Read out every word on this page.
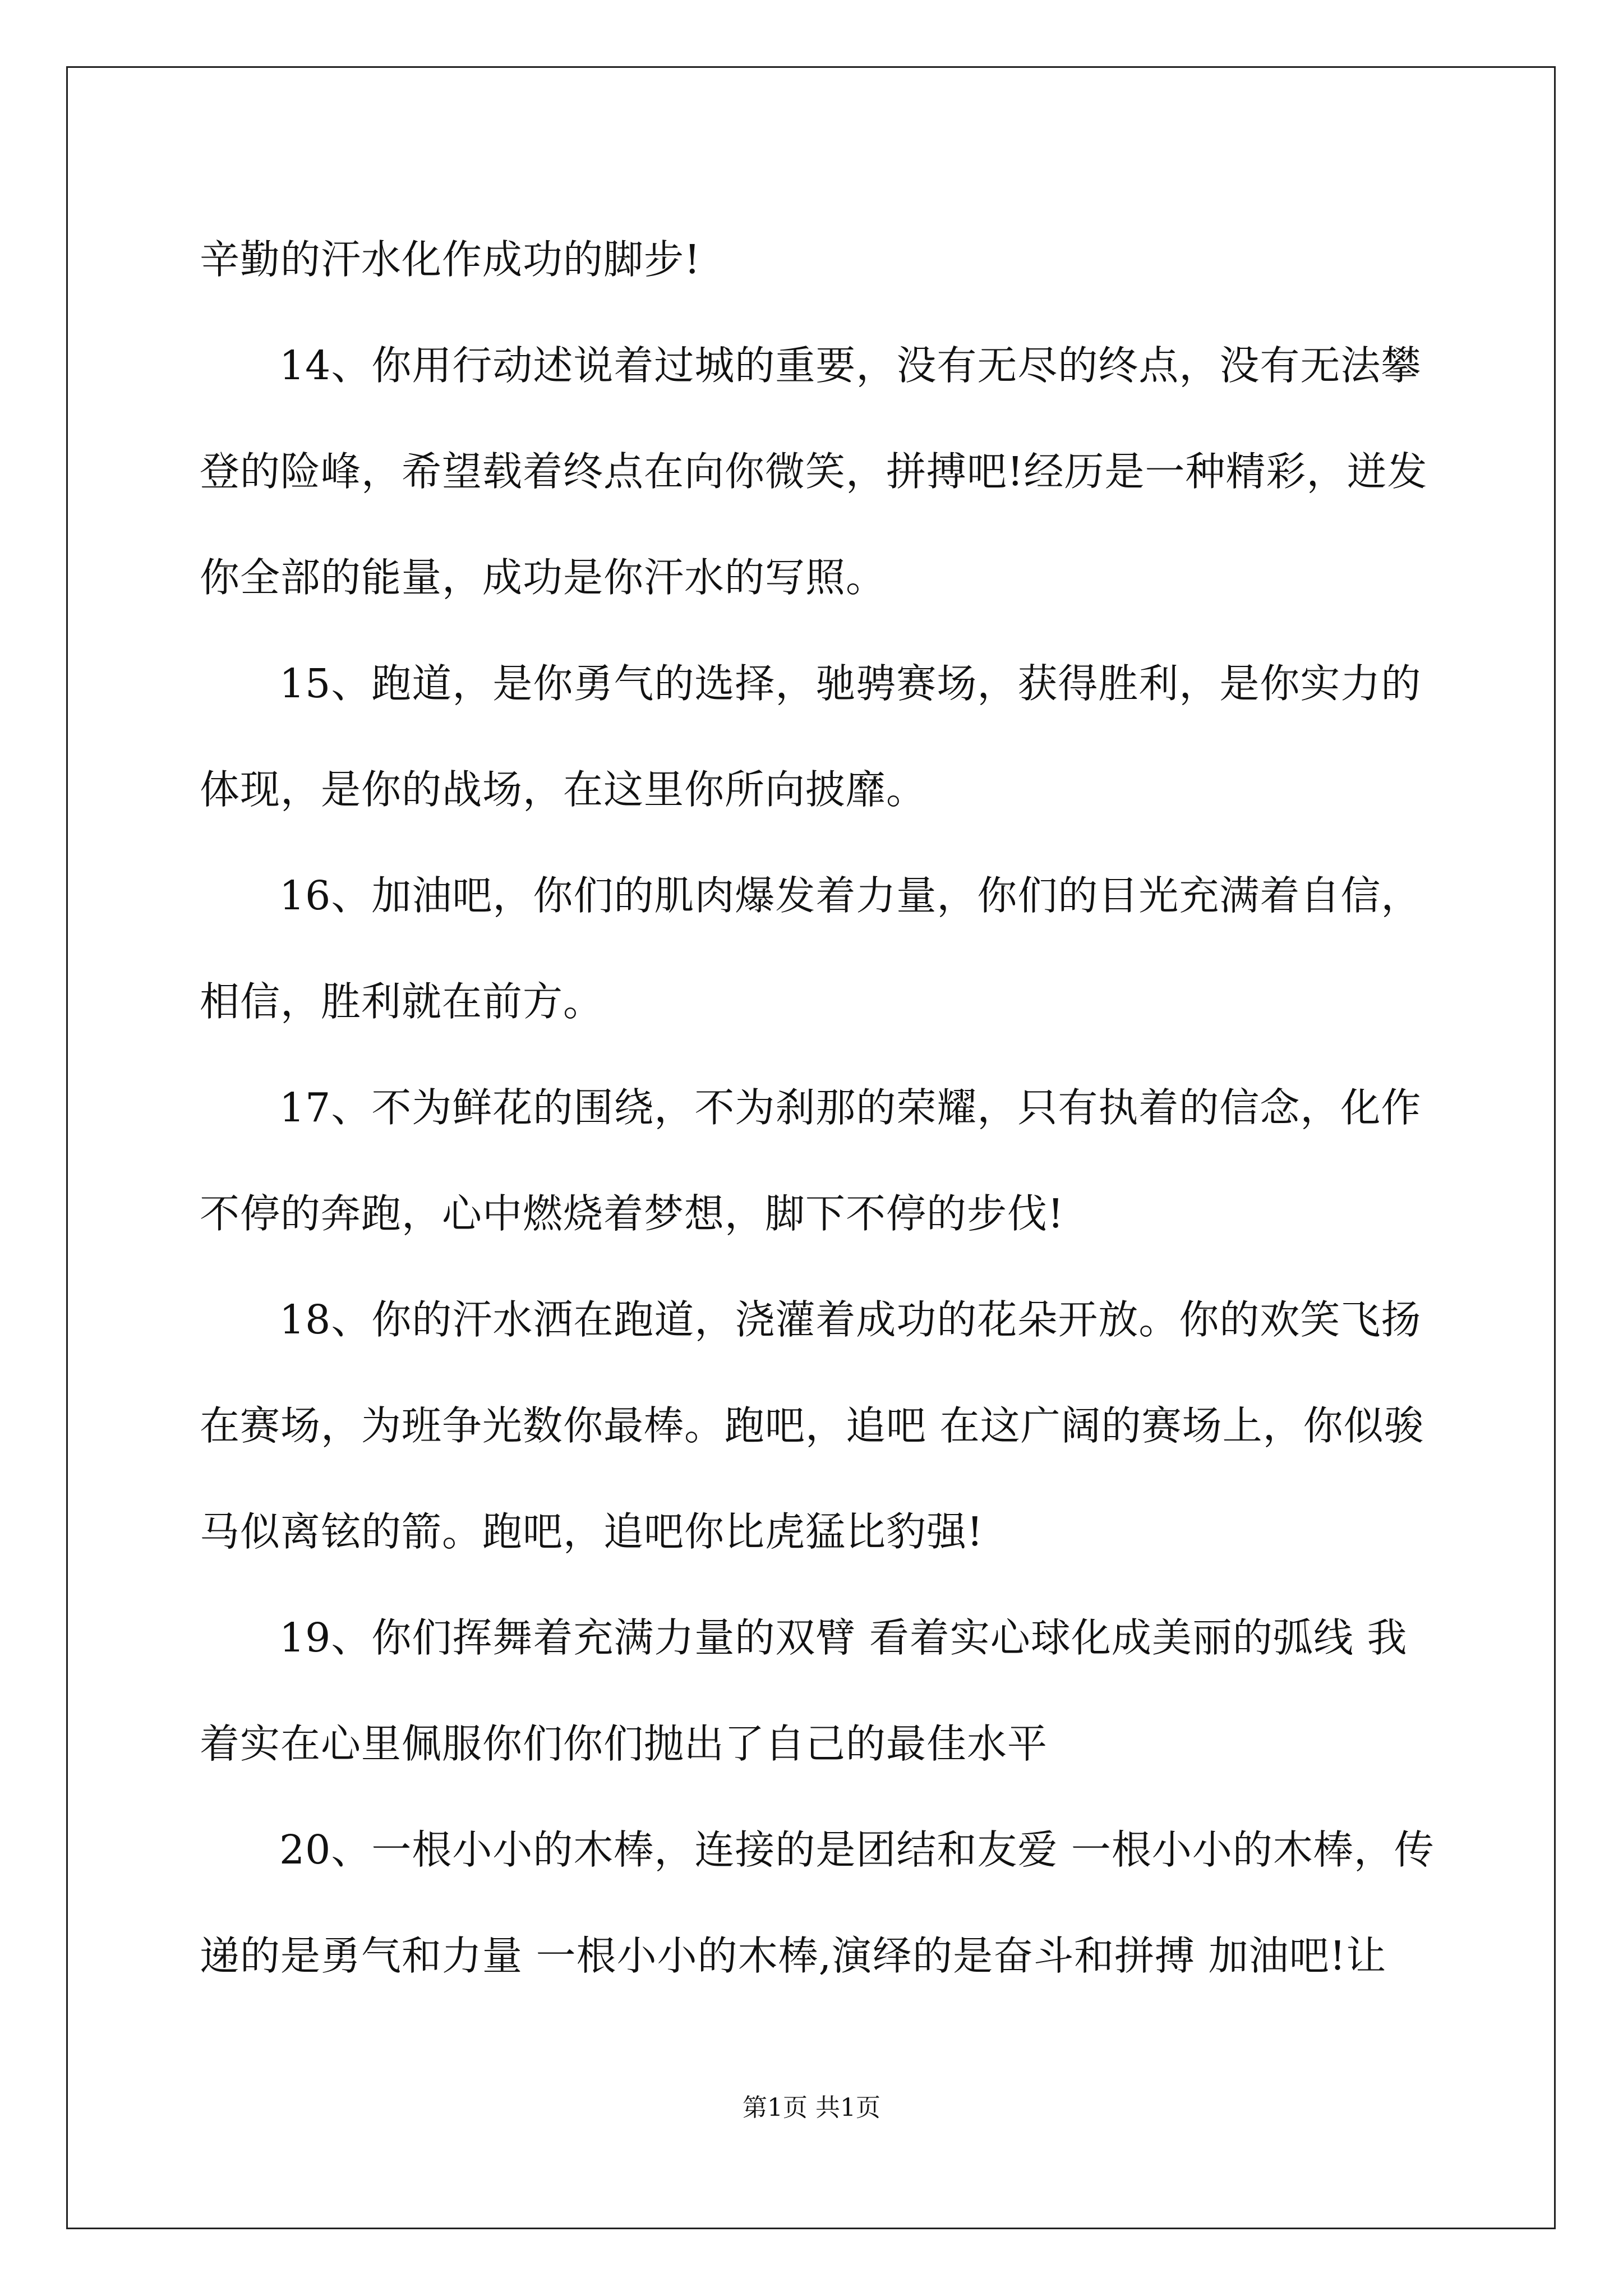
辛勤的汗水化作成功的脚步!
14、你用行动述说着过城的重要，没有无尽的终点，没有无法攀
登的险峰，希望载着终点在向你微笑，拼搏吧!经历是一种精彩，迸发
你全部的能量，成功是你汗水的写照。
15、跑道，是你勇气的选择，驰骋赛场，获得胜利，是你实力的
体现，是你的战场，在这里你所向披靡。
16、加油吧，你们的肌肉爆发着力量，你们的目光充满着自信，
相信，胜利就在前方。
17、不为鲜花的围绕，不为刹那的荣耀，只有执着的信念，化作
不停的奔跑，心中燃烧着梦想，脚下不停的步伐!
18、你的汗水洒在跑道，浇灌着成功的花朵开放。你的欢笑飞扬
在赛场，为班争光数你最棒。跑吧，追吧 在这广阔的赛场上，你似骏
马似离铉的箭。跑吧，追吧你比虎猛比豹强!
19、你们挥舞着充满力量的双臂 看着实心球化成美丽的弧线 我
着实在心里佩服你们你们抛出了自己的最佳水平
20、一根小小的木棒，连接的是团结和友爱 一根小小的木棒，传
递的是勇气和力量 一根小小的木棒,演绎的是奋斗和拼搏 加油吧!让
第1页 共1页
